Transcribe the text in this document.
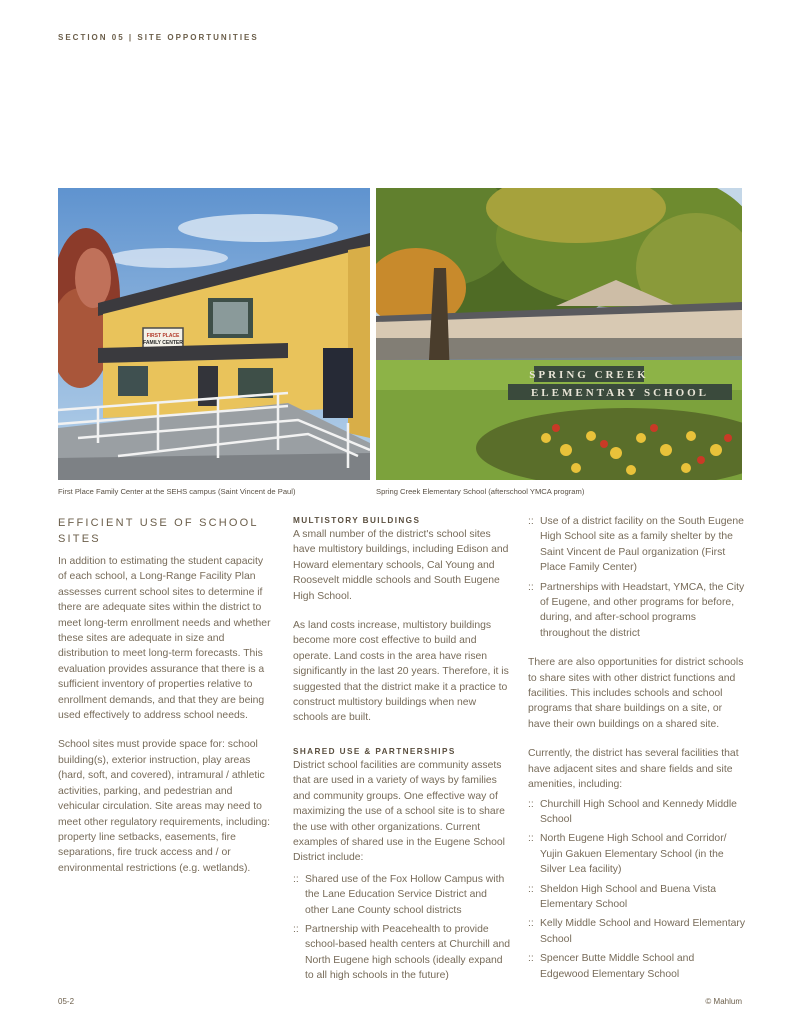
SECTION 05 | SITE OPPORTUNITIES
FIRST PLACE
FAMILY CENTER
SPRING CREEK
ELEMENTARY SCHOOL
First Place Family Center at the SEHS campus (Saint Vincent de Paul)	Spring Creek Elementary School (afterschool YMCA program)
EFFICIENT USE OF SCHOOL SITES

In addition to estimating the student capacity of each school, a Long-Range Facility Plan assesses current school sites to determine if there are adequate sites within the district to meet long-term enrollment needs and whether these sites are adequate in size and distribution to meet long-term forecasts. This evaluation provides assurance that there is a sufficient inventory of properties relative to enrollment demands, and that they are being used effectively to address school needs.

School sites must provide space for: school building(s), exterior instruction, play areas (hard, soft, and covered), intramural / athletic activities, parking, and pedestrian and vehicular circulation. Site areas may need to meet other regulatory requirements, including: property line setbacks, easements, fire separations, fire truck access and / or environmental restrictions (e.g. wetlands).

MULTISTORY BUILDINGS

A small number of the district's school sites have multistory buildings, including Edison and Howard elementary schools, Cal Young and Roosevelt middle schools and South Eugene High School.

As land costs increase, multistory buildings become more cost effective to build and operate. Land costs in the area have risen significantly in the last 20 years. Therefore, it is suggested that the district make it a practice to construct multistory buildings when new schools are built.

SHARED USE & PARTNERSHIPS

District school facilities are community assets that are used in a variety of ways by families and community groups. One effective way of maximizing the use of a school site is to share the use with other organizations. Current examples of shared use in the Eugene School District include:

:: Shared use of the Fox Hollow Campus with the Lane Education Service District and other Lane County school districts
:: Partnership with Peacehealth to provide school-based health centers at Churchill and North Eugene high schools (ideally expand to all high schools in the future)
:: Use of a district facility on the South Eugene High School site as a family shelter by the Saint Vincent de Paul organization (First Place Family Center)
:: Partnerships with Headstart, YMCA, the City of Eugene, and other programs for before, during, and after-school programs throughout the district

There are also opportunities for district schools to share sites with other district functions and facilities. This includes schools and school programs that share buildings on a site, or have their own buildings on a shared site.

Currently, the district has several facilities that have adjacent sites and share fields and site amenities, including:

:: Churchill High School and Kennedy Middle School
:: North Eugene High School and Corridor/ Yujin Gakuen Elementary School (in the Silver Lea facility)
:: Sheldon High School and Buena Vista Elementary School
:: Kelly Middle School and Howard Elementary School
:: Spencer Butte Middle School and Edgewood Elementary School
05-2	© Mahlum
